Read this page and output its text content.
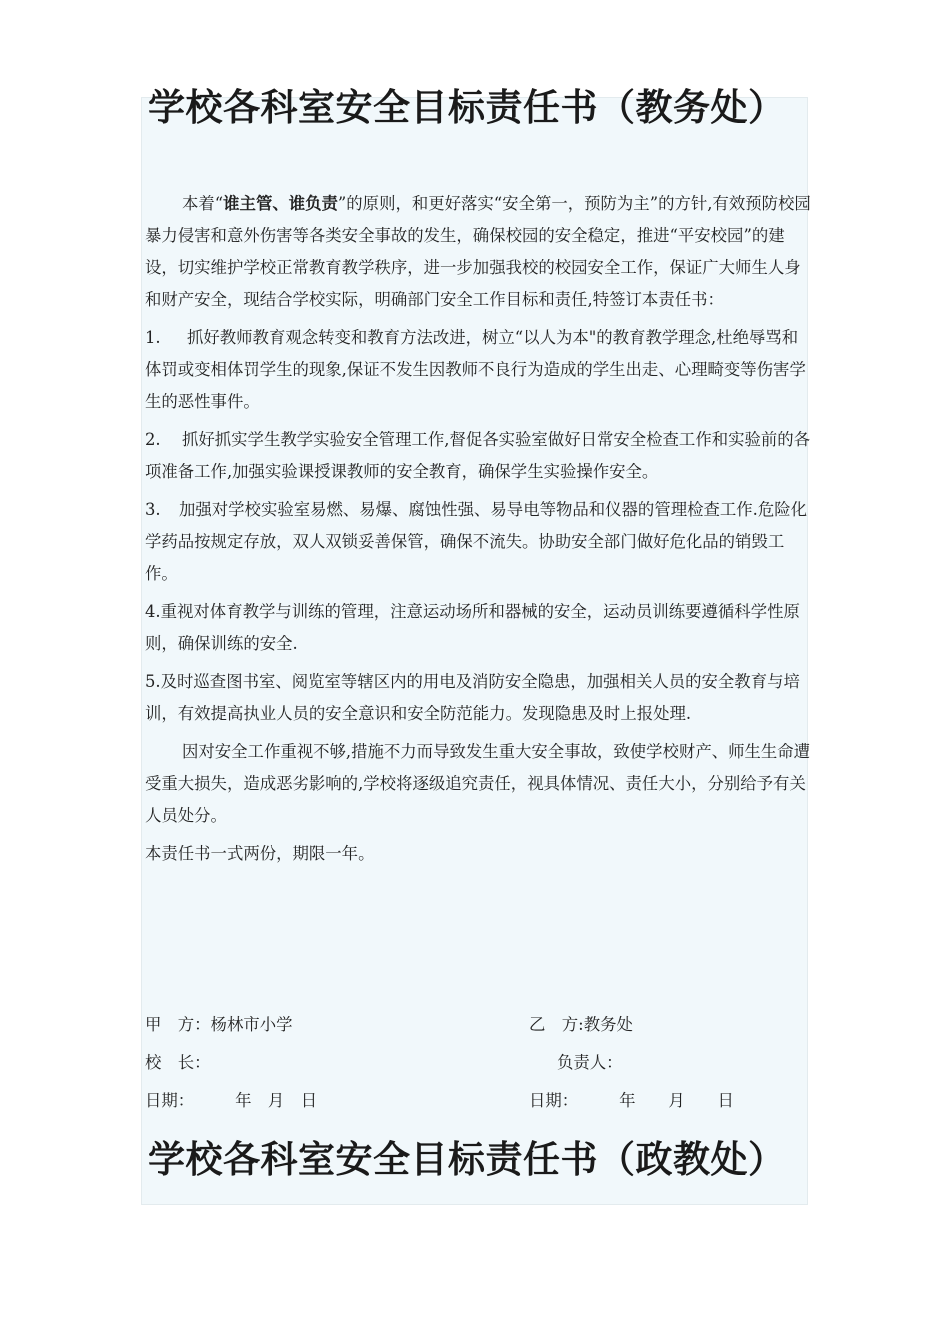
学校各科室安全目标责任书（教务处）

本着“谁主管、谁负责”的原则，和更好落实“安全第一，预防为主”的方针,有效预防校园暴力侵害和意外伤害等各类安全事故的发生，确保校园的安全稳定，推进“平安校园”的建设，切实维护学校正常教育教学秩序，进一步加强我校的校园安全工作，保证广大师生人身和财产安全，现结合学校实际，明确部门安全工作目标和责任,特签订本责任书：

1. 抓好教师教育观念转变和教育方法改进，树立“以人为本"的教育教学理念,杜绝辱骂和体罚或变相体罚学生的现象,保证不发生因教师不良行为造成的学生出走、心理畸变等伤害学生的恶性事件。

2. 抓好抓实学生教学实验安全管理工作,督促各实验室做好日常安全检查工作和实验前的各项准备工作,加强实验课授课教师的安全教育，确保学生实验操作安全。

3. 加强对学校实验室易燃、易爆、腐蚀性强、易导电等物品和仪器的管理检查工作.危险化学药品按规定存放，双人双锁妥善保管，确保不流失。协助安全部门做好危化品的销毁工作。

4.重视对体育教学与训练的管理，注意运动场所和器械的安全，运动员训练要遵循科学性原则，确保训练的安全.

5.及时巡查图书室、阅览室等辖区内的用电及消防安全隐患，加强相关人员的安全教育与培训，有效提高执业人员的安全意识和安全防范能力。发现隐患及时上报处理.

因对安全工作重视不够,措施不力而导致发生重大安全事故，致使学校财产、师生生命遭受重大损失，造成恶劣影响的,学校将逐级追究责任，视具体情况、责任大小，分别给予有关人员处分。

本责任书一式两份，期限一年。

甲　方：杨林市小学	乙　方:教务处
校　长：	负责人：
日期：　　　年　月　日	日期：　　　年　　月　　日
学校各科室安全目标责任书（政教处）
